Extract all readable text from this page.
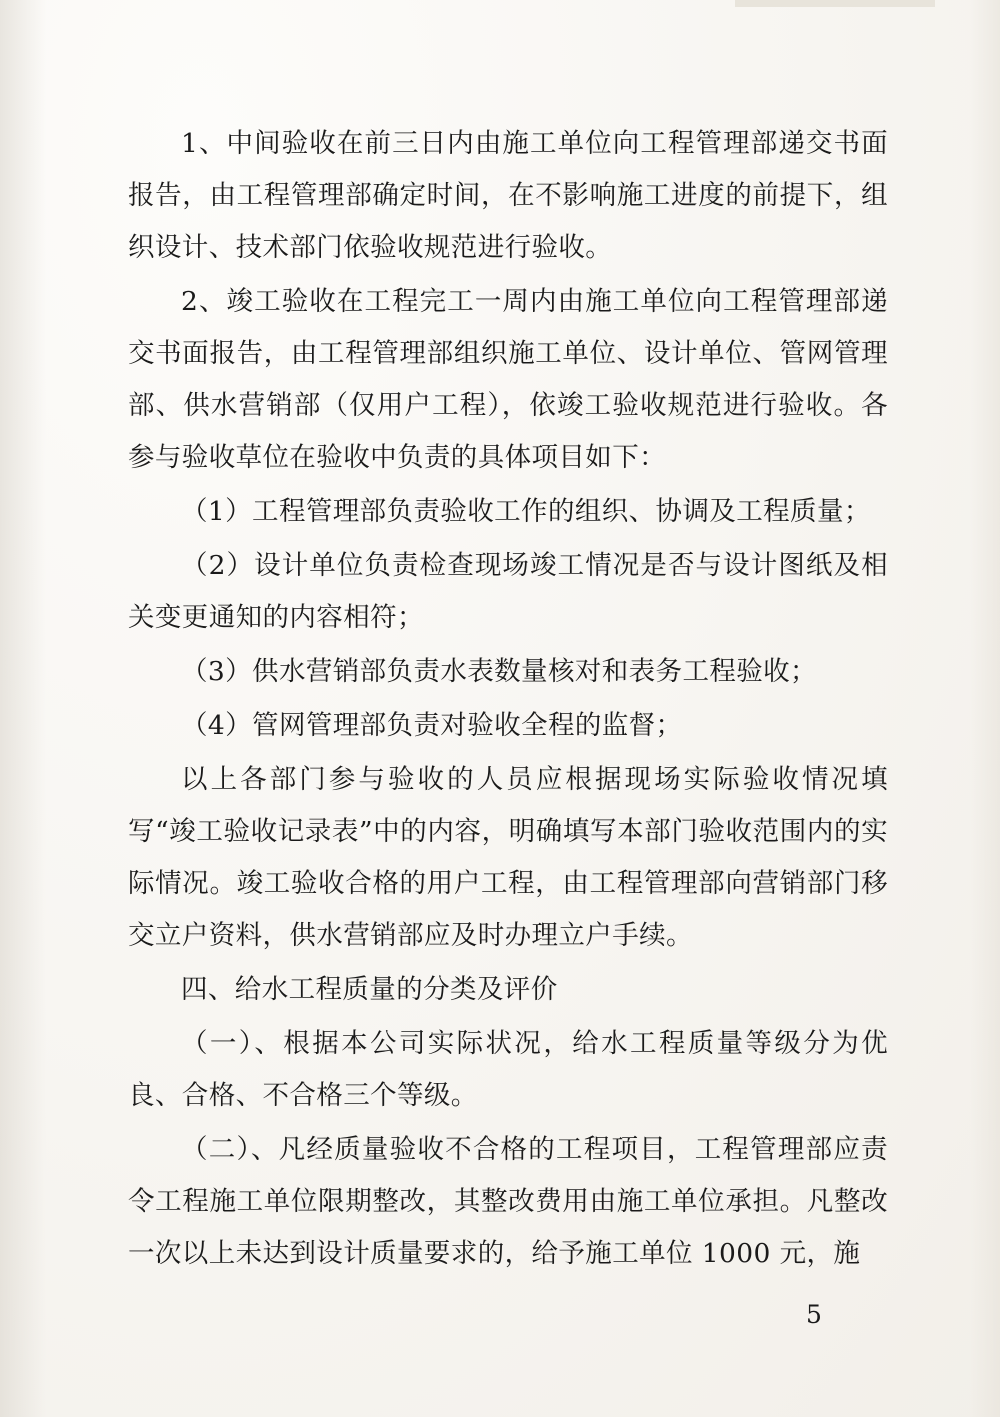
1、中间验收在前三日内由施工单位向工程管理部递交书面报告，由工程管理部确定时间，在不影响施工进度的前提下，组织设计、技术部门依验收规范进行验收。

2、竣工验收在工程完工一周内由施工单位向工程管理部递交书面报告，由工程管理部组织施工单位、设计单位、管网管理部、供水营销部（仅用户工程），依竣工验收规范进行验收。各参与验收草位在验收中负责的具体项目如下：

（1）工程管理部负责验收工作的组织、协调及工程质量；

（2）设计单位负责检查现场竣工情况是否与设计图纸及相关变更通知的内容相符；

（3）供水营销部负责水表数量核对和表务工程验收；

（4）管网管理部负责对验收全程的监督；

以上各部门参与验收的人员应根据现场实际验收情况填写“竣工验收记录表”中的内容，明确填写本部门验收范围内的实际情况。竣工验收合格的用户工程，由工程管理部向营销部门移交立户资料，供水营销部应及时办理立户手续。

四、给水工程质量的分类及评价

（一）、根据本公司实际状况，给水工程质量等级分为优良、合格、不合格三个等级。

（二）、凡经质量验收不合格的工程项目，工程管理部应责令工程施工单位限期整改，其整改费用由施工单位承担。凡整改一次以上未达到设计质量要求的，给予施工单位 1000 元，施

5
